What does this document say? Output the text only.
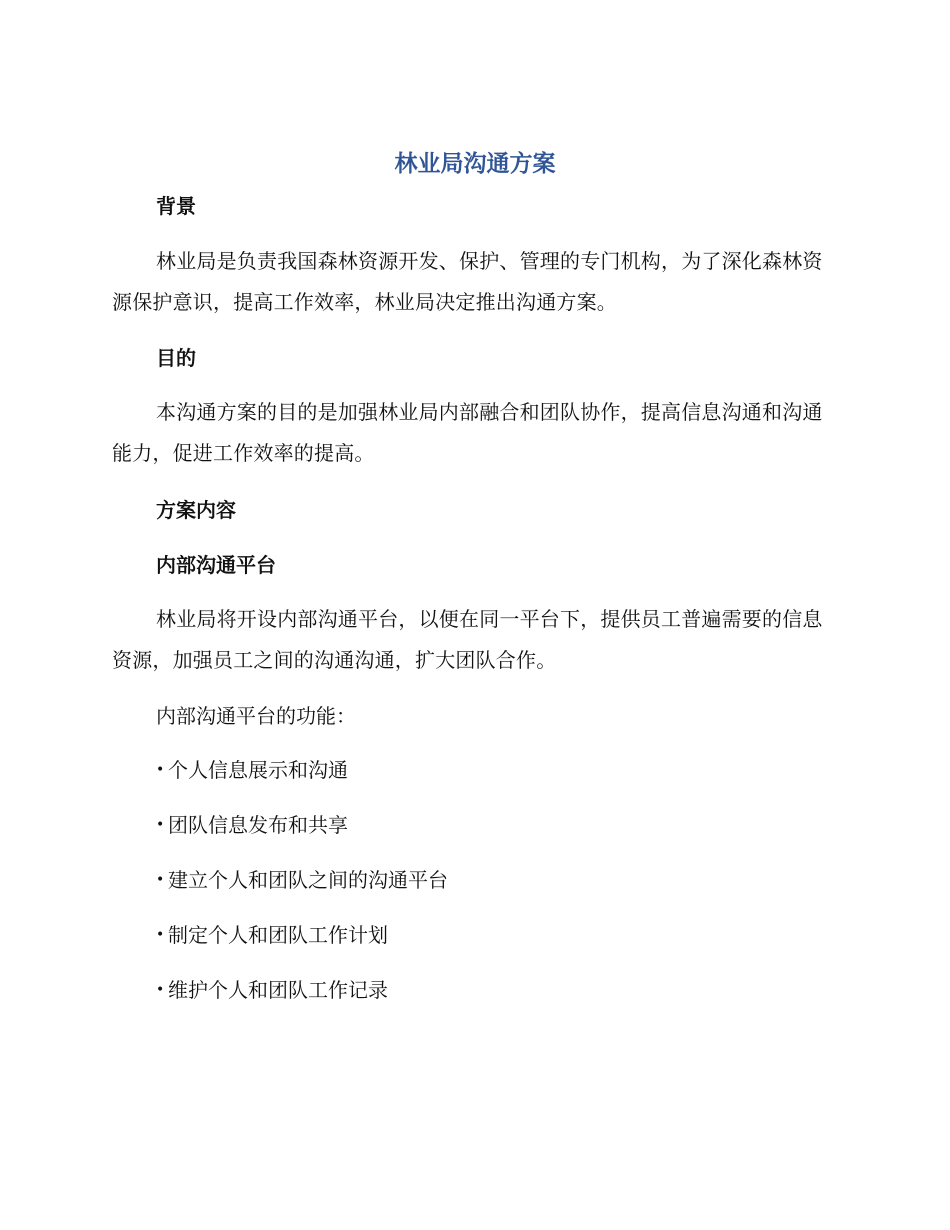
林业局沟通方案
背景

林业局是负责我国森林资源开发、保护、管理的专门机构，为了深化森林资源保护意识，提高工作效率，林业局决定推出沟通方案。

目的

本沟通方案的目的是加强林业局内部融合和团队协作，提高信息沟通和沟通能力，促进工作效率的提高。

方案内容
内部沟通平台

林业局将开设内部沟通平台，以便在同一平台下，提供员工普遍需要的信息资源，加强员工之间的沟通沟通，扩大团队合作。

内部沟通平台的功能：

• 个人信息展示和沟通
• 团队信息发布和共享
• 建立个人和团队之间的沟通平台
• 制定个人和团队工作计划
• 维护个人和团队工作记录
